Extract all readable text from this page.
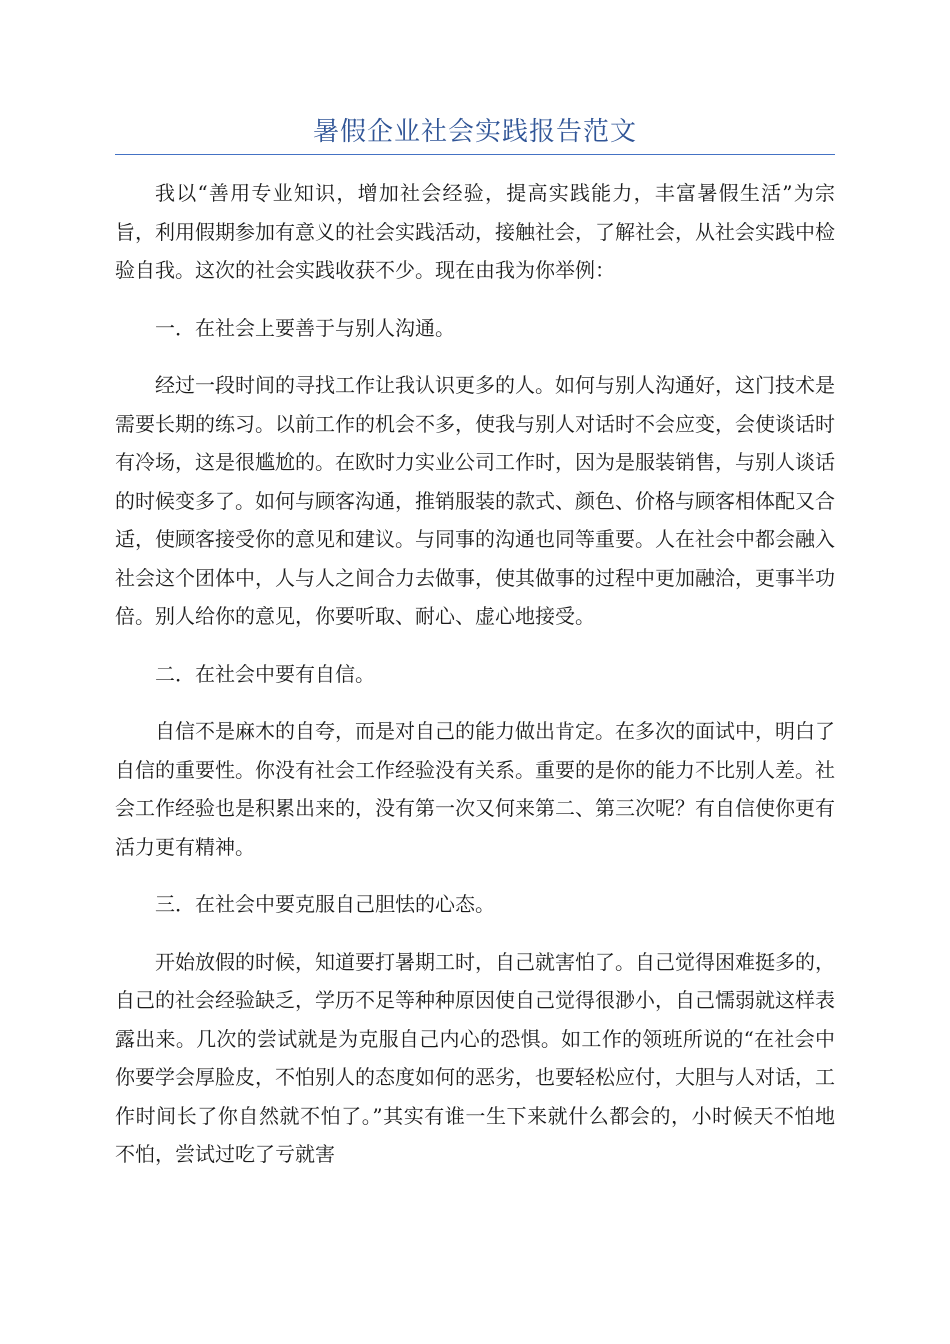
暑假企业社会实践报告范文

我以“善用专业知识，增加社会经验，提高实践能力，丰富暑假生活”为宗旨，利用假期参加有意义的社会实践活动，接触社会，了解社会，从社会实践中检验自我。这次的社会实践收获不少。现在由我为你举例：

一．在社会上要善于与别人沟通。

经过一段时间的寻找工作让我认识更多的人。如何与别人沟通好，这门技术是需要长期的练习。以前工作的机会不多，使我与别人对话时不会应变，会使谈话时有冷场，这是很尴尬的。在欧时力实业公司工作时，因为是服装销售，与别人谈话的时候变多了。如何与顾客沟通，推销服装的款式、颜色、价格与顾客相体配又合适，使顾客接受你的意见和建议。与同事的沟通也同等重要。人在社会中都会融入社会这个团体中，人与人之间合力去做事，使其做事的过程中更加融洽，更事半功倍。别人给你的意见，你要听取、耐心、虚心地接受。

二．在社会中要有自信。

自信不是麻木的自夸，而是对自己的能力做出肯定。在多次的面试中，明白了自信的重要性。你没有社会工作经验没有关系。重要的是你的能力不比别人差。社会工作经验也是积累出来的，没有第一次又何来第二、第三次呢？有自信使你更有活力更有精神。

三．在社会中要克服自己胆怯的心态。

开始放假的时候，知道要打暑期工时，自己就害怕了。自己觉得困难挺多的，自己的社会经验缺乏，学历不足等种种原因使自己觉得很渺小，自己懦弱就这样表露出来。几次的尝试就是为克服自己内心的恐惧。如工作的领班所说的“在社会中你要学会厚脸皮，不怕别人的态度如何的恶劣，也要轻松应付，大胆与人对话，工作时间长了你自然就不怕了。”其实有谁一生下来就什么都会的，小时候天不怕地不怕，尝试过吃了亏就害
